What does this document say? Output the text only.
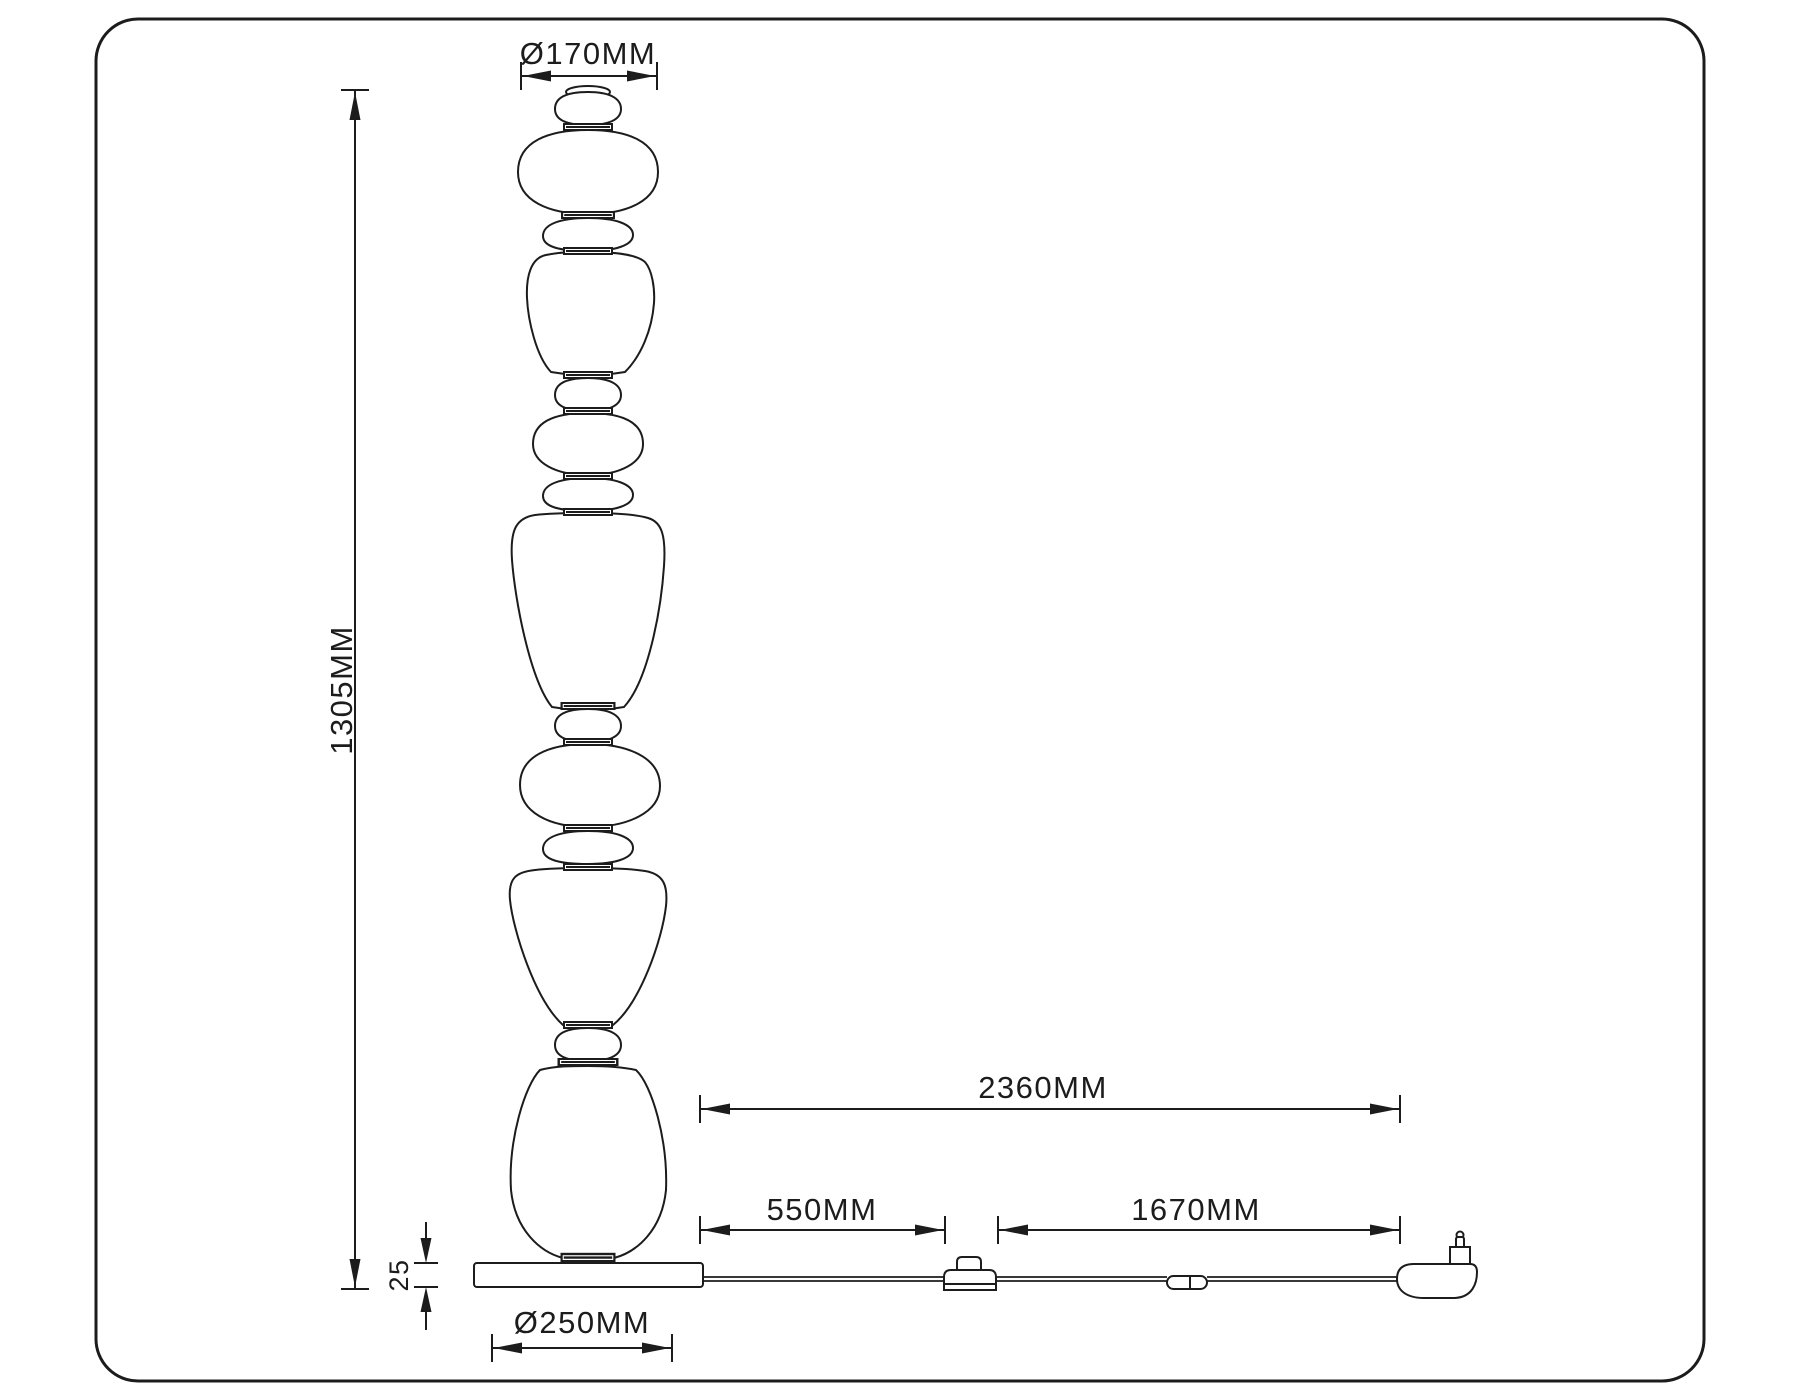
Ø170MM
1305MM
2360MM
550MM	1670MM
25
Ø250MM
